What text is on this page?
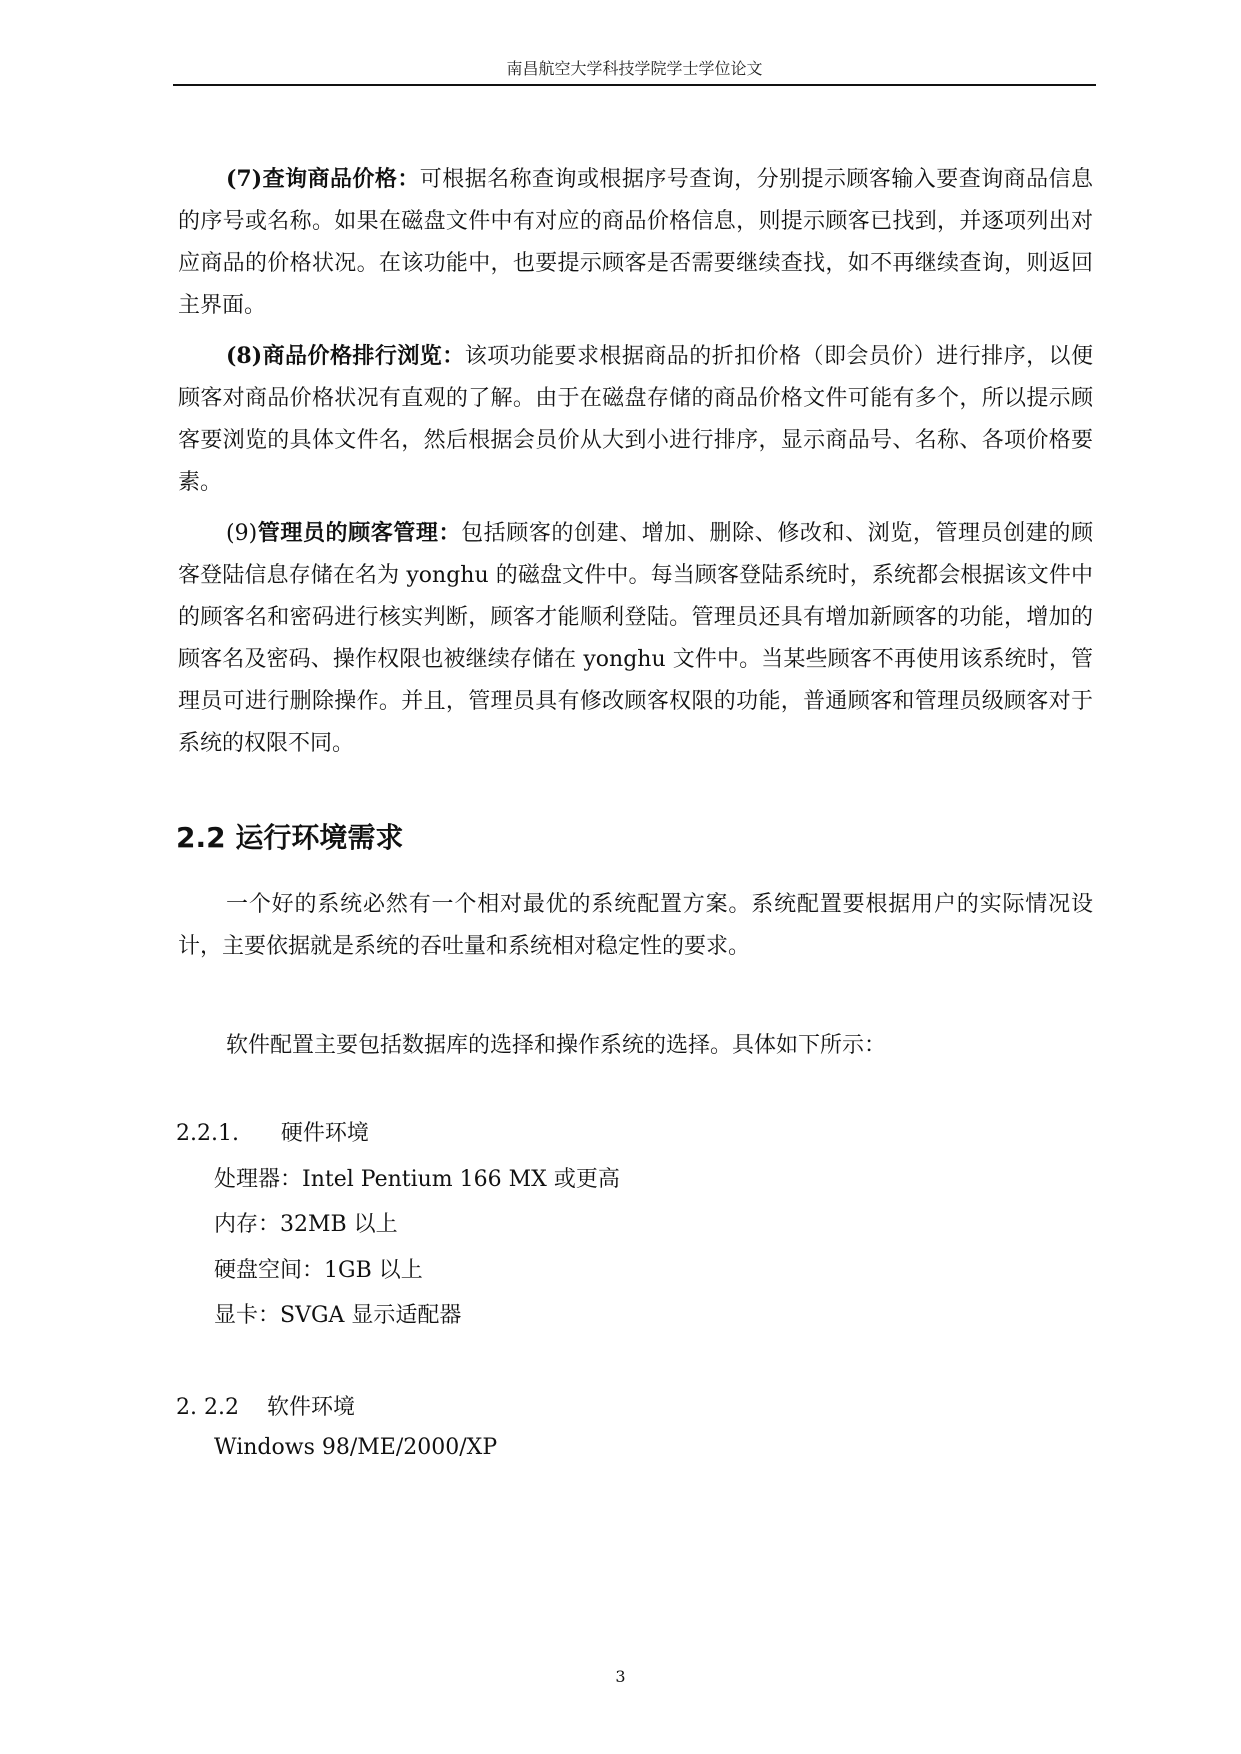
南昌航空大学科技学院学士学位论文

(7)查询商品价格：可根据名称查询或根据序号查询，分别提示顾客输入要查询商品信息的序号或名称。如果在磁盘文件中有对应的商品价格信息，则提示顾客已找到，并逐项列出对应商品的价格状况。在该功能中，也要提示顾客是否需要继续查找，如不再继续查询，则返回主界面。

(8)商品价格排行浏览：该项功能要求根据商品的折扣价格（即会员价）进行排序，以便顾客对商品价格状况有直观的了解。由于在磁盘存储的商品价格文件可能有多个，所以提示顾客要浏览的具体文件名，然后根据会员价从大到小进行排序，显示商品号、名称、各项价格要素。

(9)管理员的顾客管理：包括顾客的创建、增加、删除、修改和、浏览，管理员创建的顾客登陆信息存储在名为 yonghu 的磁盘文件中。每当顾客登陆系统时，系统都会根据该文件中的顾客名和密码进行核实判断，顾客才能顺利登陆。管理员还具有增加新顾客的功能，增加的顾客名及密码、操作权限也被继续存储在 yonghu 文件中。当某些顾客不再使用该系统时，管理员可进行删除操作。并且，管理员具有修改顾客权限的功能，普通顾客和管理员级顾客对于系统的权限不同。

2.2 运行环境需求

一个好的系统必然有一个相对最优的系统配置方案。系统配置要根据用户的实际情况设计，主要依据就是系统的吞吐量和系统相对稳定性的要求。

软件配置主要包括数据库的选择和操作系统的选择。具体如下所示：

2.2.1.      硬件环境

处理器：Intel Pentium 166 MX 或更高

内存：32MB 以上

硬盘空间：1GB 以上

显卡：SVGA 显示适配器

2. 2.2    软件环境

Windows 98/ME/2000/XP

3
